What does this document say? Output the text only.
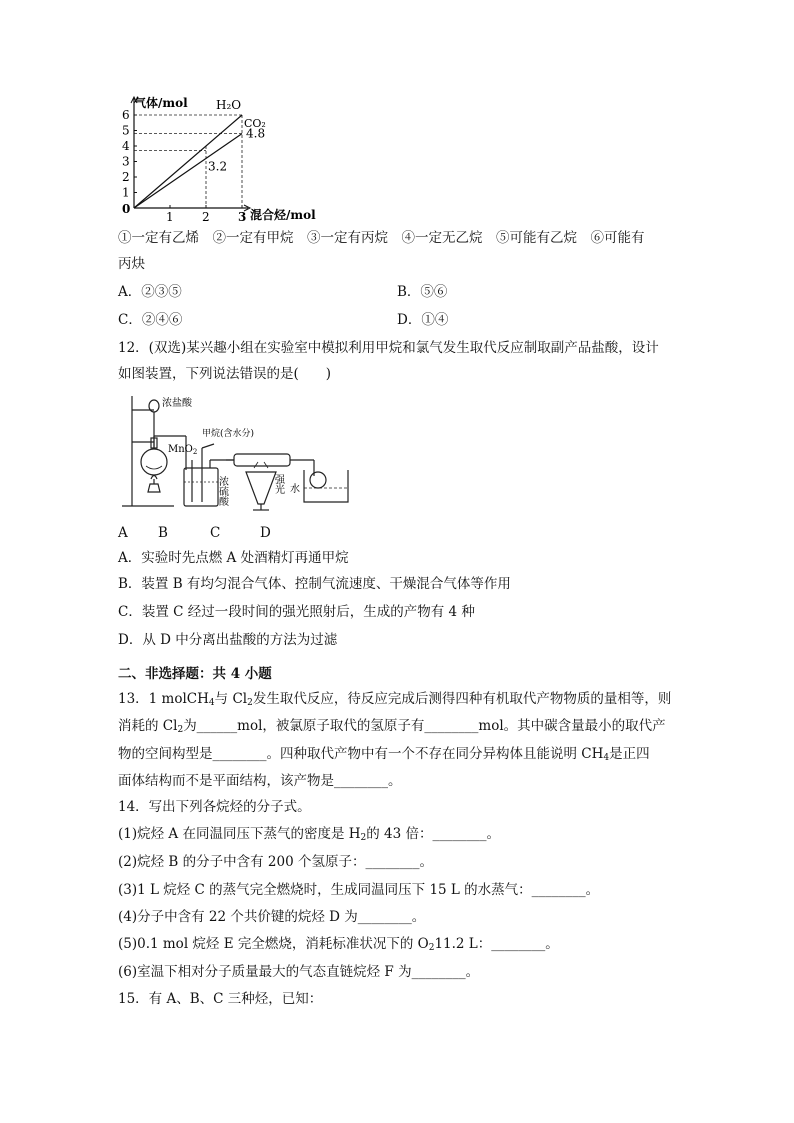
气体/mol
混合烃/mol
0
1
2
3
4
5
6
1 2 3
H₂O
CO₂
4.8
3.2
①一定有乙烯　②一定有甲烷　③一定有丙烷　④一定无乙烷　⑤可能有乙烷　⑥可能有
丙炔
A．②③⑤	B．⑤⑥
C．②④⑥	D．①④
12．(双选)某兴趣小组在实验室中模拟利用甲烷和氯气发生取代反应制取副产品盐酸，设计
如图装置，下列说法错误的是(　　)
浓盐酸
MnO$_2$
甲烷(含水分)
浓硫酸	强光 水
A B	C	D
A．实验时先点燃 A 处酒精灯再通甲烷
B．装置 B 有均匀混合气体、控制气流速度、干燥混合气体等作用
C．装置 C 经过一段时间的强光照射后，生成的产物有 4 种
D．从 D 中分离出盐酸的方法为过滤
二、非选择题：共 4 小题
13．1 molCH$_4$与 $Cl_2$发生取代反应，待反应完成后测得四种有机取代产物物质的量相等，则
消耗的 $Cl_2$为______mol，被氯原子取代的氢原子有________mol。其中碳含量最小的取代产
物的空间构型是________。四种取代产物中有一个不存在同分异构体且能说明 $CH_4$是正四
面体结构而不是平面结构，该产物是________。
14．写出下列各烷烃的分子式。
(1)烷烃 A 在同温同压下蒸气的密度是 $H_2$的 43 倍：________。
(2)烷烃 B 的分子中含有 200 个氢原子：________。
(3)1 L 烷烃 C 的蒸气完全燃烧时，生成同温同压下 15 L 的水蒸气：________。
(4)分子中含有 22 个共价键的烷烃 D 为________。
(5)0.1 mol 烷烃 E 完全燃烧，消耗标准状况下的 $O_211.2$ L：________。
(6)室温下相对分子质量最大的气态直链烷烃 F 为________。
15．有 A、B、C 三种烃，已知：
